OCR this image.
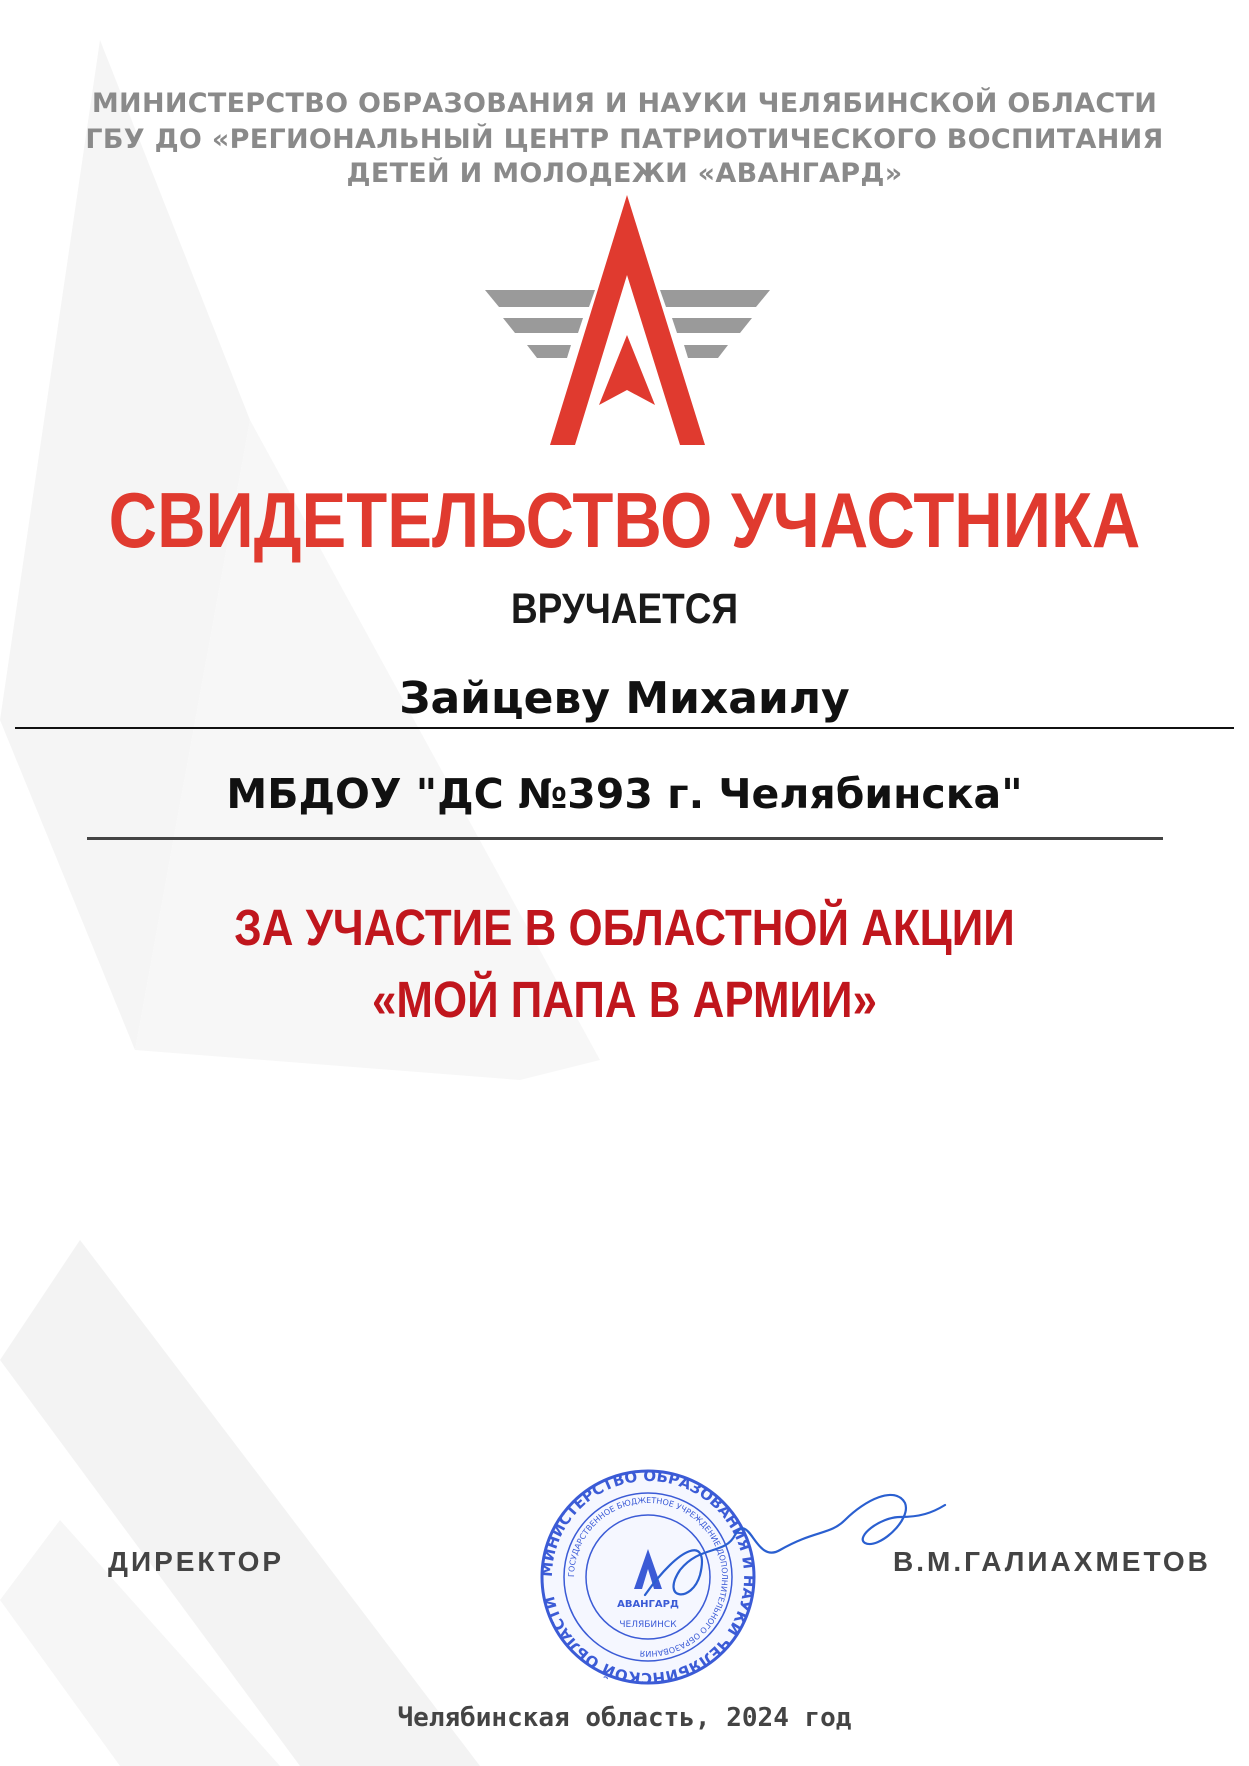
МИНИСТЕРСТВО ОБРАЗОВАНИЯ И НАУКИ ЧЕЛЯБИНСКОЙ ОБЛАСТИ
ГБУ ДО «РЕГИОНАЛЬНЫЙ ЦЕНТР ПАТРИОТИЧЕСКОГО ВОСПИТАНИЯ
ДЕТЕЙ И МОЛОДЕЖИ «АВАНГАРД»
СВИДЕТЕЛЬСТВО УЧАСТНИКА
ВРУЧАЕТСЯ
Зайцеву Михаилу
МБДОУ "ДС №393 г. Челябинска"
ЗА УЧАСТИЕ В ОБЛАСТНОЙ АКЦИИ
«МОЙ ПАПА В АРМИИ»
ДИРЕКТОР	МИНИСТЕРСТВО ОБРАЗОВАНИЯ И НАУКИ ЧЕЛЯБИНСКОЙ ОБЛАСТИ
ГОСУДАРСТВЕННОЕ БЮДЖЕТНОЕ УЧРЕЖДЕНИЕ ДОПОЛНИТЕЛЬНОГО ОБРАЗОВАНИЯ
АВАНГАРД
ЧЕЛЯБИНСК
В.М.ГАЛИАХМЕТОВ
Челябинская область, 2024 год
